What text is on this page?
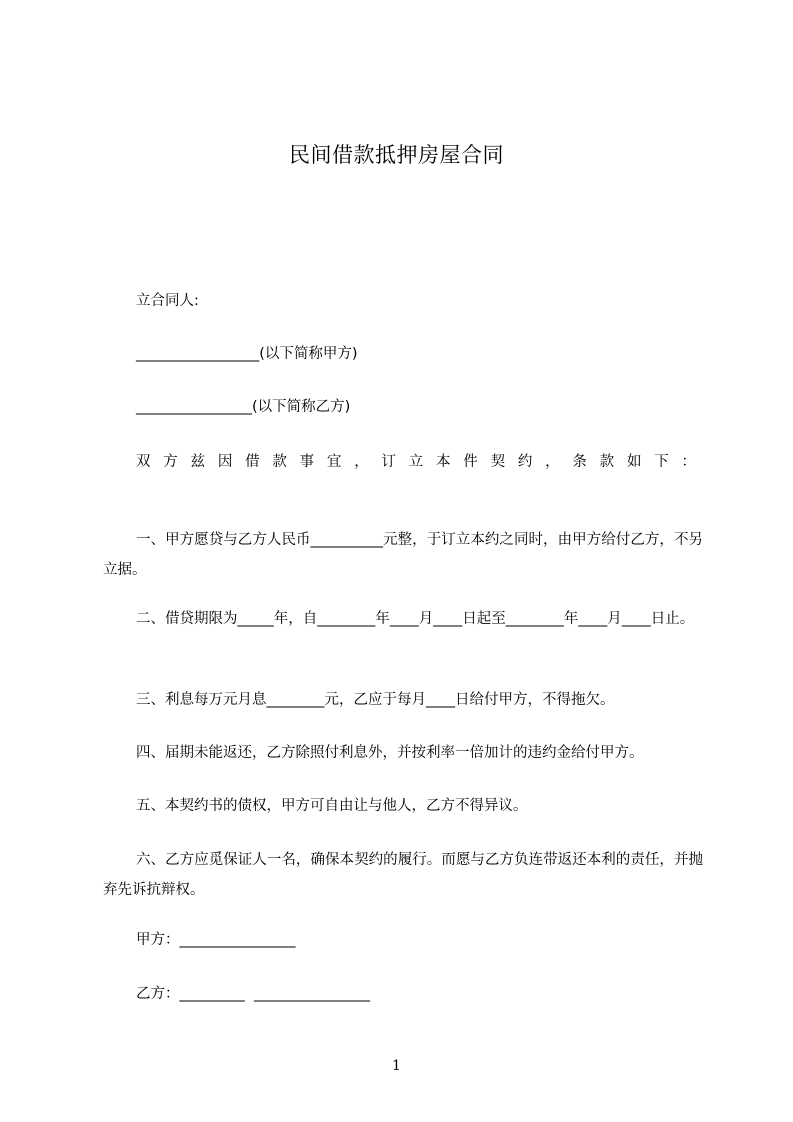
民间借款抵押房屋合同
立合同人:
_________________(以下简称甲方)
________________(以下简称乙方)
双方兹因借款事宜，订立本件契约，条款如下：
一、甲方愿贷与乙方人民币__________元整，于订立本约之同时，由甲方给付乙方，不另立据。
二、借贷期限为_____年，自________年____月____日起至________年____月____日止。
三、利息每万元月息________元，乙应于每月____日给付甲方，不得拖欠。
四、届期未能返还，乙方除照付利息外，并按利率一倍加计的违约金给付甲方。
五、本契约书的债权，甲方可自由让与他人，乙方不得异议。
六、乙方应觅保证人一名，确保本契约的履行。而愿与乙方负连带返还本利的责任，并抛弃先诉抗辩权。
甲方：________________
乙方：_________  ________________
1
